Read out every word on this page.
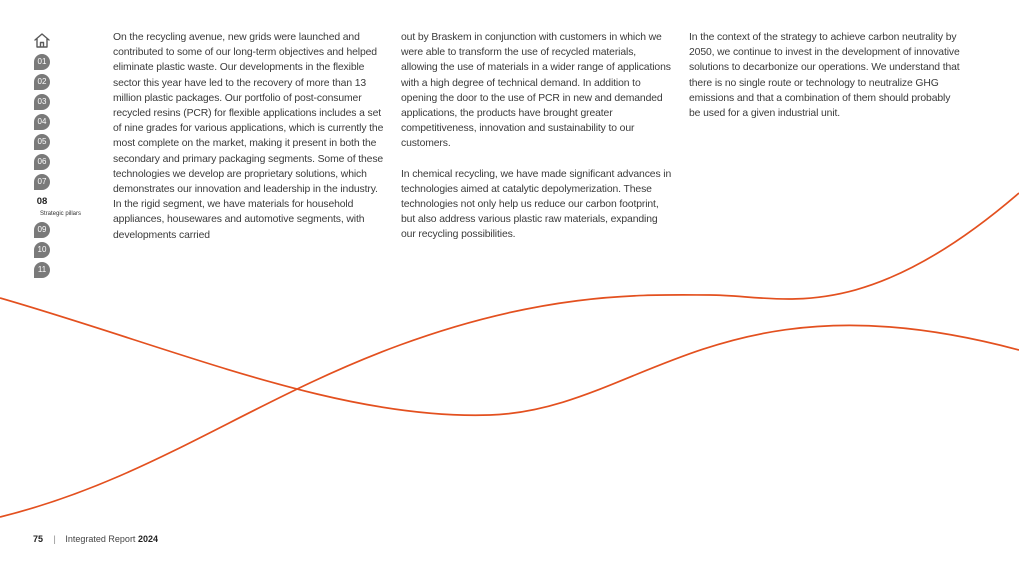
01
02
03
04
05
06
07
08
Strategic pillars
09
10
11

On the recycling avenue, new grids were launched and contributed to some of our long-term objectives and helped eliminate plastic waste. Our developments in the flexible sector this year have led to the recovery of more than 13 million plastic packages. Our portfolio of post-consumer recycled resins (PCR) for flexible applications includes a set of nine grades for various applications, which is currently the most complete on the market, making it present in both the secondary and primary packaging segments. Some of these technologies we develop are proprietary solutions, which demonstrates our innovation and leadership in the industry. In the rigid segment, we have materials for household appliances, housewares and automotive segments, with developments carried

out by Braskem in conjunction with customers in which we were able to transform the use of recycled materials, allowing the use of materials in a wider range of applications with a high degree of technical demand. In addition to opening the door to the use of PCR in new and demanded applications, the products have brought greater competitiveness, innovation and sustainability to our customers.

In chemical recycling, we have made significant advances in technologies aimed at catalytic depolymerization. These technologies not only help us reduce our carbon footprint, but also address various plastic raw materials, expanding our recycling possibilities.

In the context of the strategy to achieve carbon neutrality by 2050, we continue to invest in the development of innovative solutions to decarbonize our operations. We understand that there is no single route or technology to neutralize GHG emissions and that a combination of them should probably be used for a given industrial unit.

75 | Integrated Report 2024
